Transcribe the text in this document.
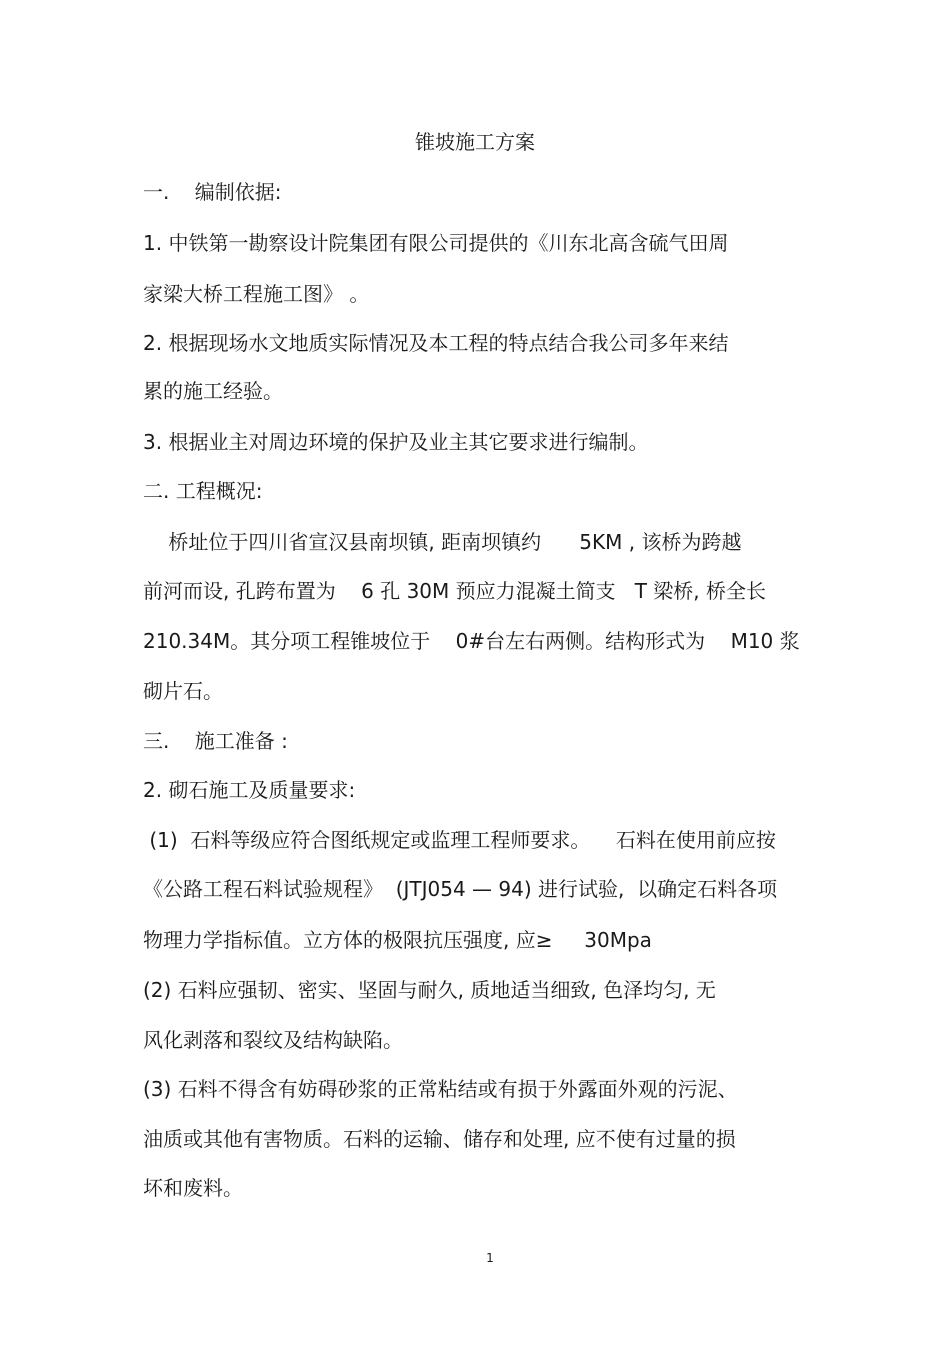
锥坡施工方案
一.    编制依据:
1. 中铁第一勘察设计院集团有限公司提供的《川东北高含硫气田周
家梁大桥工程施工图》 。
2. 根据现场水文地质实际情况及本工程的特点结合我公司多年来结
累的施工经验。
3. 根据业主对周边环境的保护及业主其它要求进行编制。
二. 工程概况:
桥址位于四川省宣汉县南坝镇, 距南坝镇约      5KM , 该桥为跨越
前河而设, 孔跨布置为    6 孔 30M 预应力混凝土简支   T 梁桥, 桥全长
210.34M。其分项工程锥坡位于    0#台左右两侧。结构形式为    M10 浆
砌片石。
三.    施工准备 :
2. 砌石施工及质量要求:
(1)  石料等级应符合图纸规定或监理工程师要求。    石料在使用前应按
《公路工程石料试验规程》  (JTJ054 — 94) 进行试验,  以确定石料各项
物理力学指标值。立方体的极限抗压强度, 应≥     30Mpa
(2) 石料应强韧、密实、坚固与耐久, 质地适当细致, 色泽均匀, 无
风化剥落和裂纹及结构缺陷。
(3) 石料不得含有妨碍砂浆的正常粘结或有损于外露面外观的污泥、
油质或其他有害物质。石料的运输、储存和处理, 应不使有过量的损
坏和废料。
1
